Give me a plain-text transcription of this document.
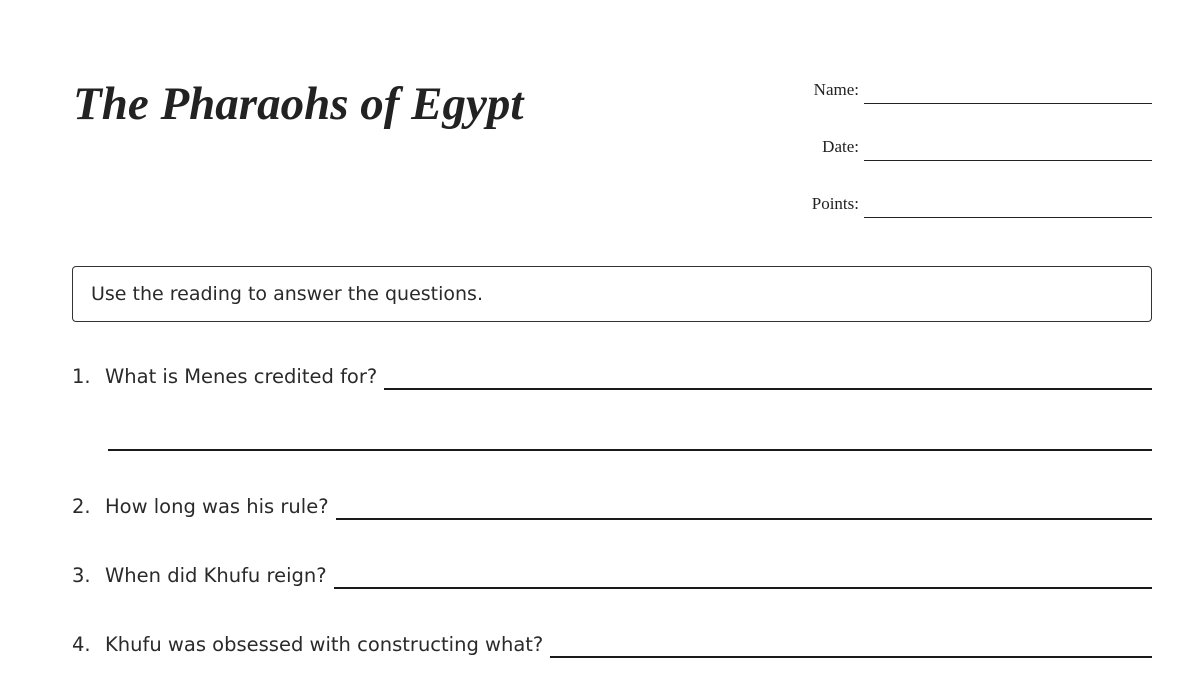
The Pharaohs of Egypt	Name:
Date:
Points:
Use the reading to answer the questions.
1. What is Menes credited for?
2. How long was his rule?
3. When did Khufu reign?
4. Khufu was obsessed with constructing what?
